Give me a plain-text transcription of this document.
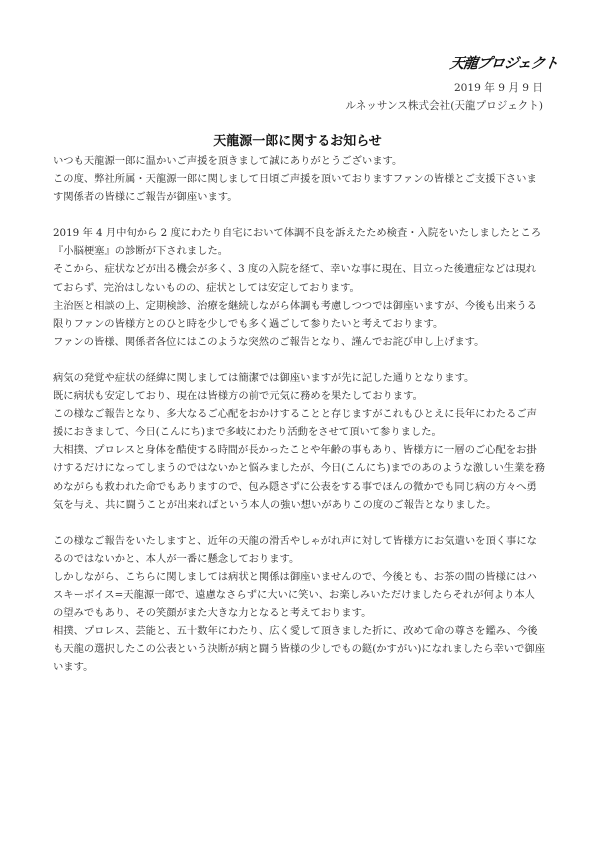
天龍プロジェクト
2019 年 9 月 9 日
ルネッサンス株式会社(天龍プロジェクト)
天龍源一郎に関するお知らせ

いつも天龍源一郎に温かいご声援を頂きまして誠にありがとうございます。

この度、弊社所属・天龍源一郎に関しまして日頃ご声援を頂いておりますファンの皆様とご支援下さいます関係者の皆様にご報告が御座います。

2019 年 4 月中旬から 2 度にわたり自宅において体調不良を訴えたため検査・入院をいたしましたところ『小脳梗塞』の診断が下されました。

そこから、症状などが出る機会が多く、3 度の入院を経て、幸いな事に現在、目立った後遺症などは現れておらず、完治はしないものの、症状としては安定しております。

主治医と相談の上、定期検診、治療を継続しながら体調も考慮しつつでは御座いますが、今後も出来うる限りファンの皆様方とのひと時を少しでも多く過ごして参りたいと考えております。

ファンの皆様、関係者各位にはこのような突然のご報告となり、謹んでお詫び申し上げます。

病気の発覚や症状の経緯に関しましては簡潔では御座いますが先に記した通りとなります。

既に病状も安定しており、現在は皆様方の前で元気に務めを果たしております。

この様なご報告となり、多大なるご心配をおかけすることと存じますがこれもひとえに長年にわたるご声援におきまして、今日(こんにち)まで多岐にわたり活動をさせて頂いて参りました。

大相撲、プロレスと身体を酷使する時間が長かったことや年齢の事もあり、皆様方に一層のご心配をお掛けするだけになってしまうのではないかと悩みましたが、今日(こんにち)までのあのような激しい生業を務めながらも救われた命でもありますので、包み隠さずに公表をする事でほんの微かでも同じ病の方々へ勇気を与え、共に闘うことが出来ればという本人の強い想いがありこの度のご報告となりました。

この様なご報告をいたしますと、近年の天龍の滑舌やしゃがれ声に対して皆様方にお気遣いを頂く事になるのではないかと、本人が一番に懸念しております。

しかしながら、こちらに関しましては病状と関係は御座いませんので、今後とも、お茶の間の皆様にはハスキーボイス=天龍源一郎で、遠慮なさらずに大いに笑い、お楽しみいただけましたらそれが何より本人の望みでもあり、その笑顔がまた大きな力となると考えております。

相撲、プロレス、芸能と、五十数年にわたり、広く愛して頂きました折に、改めて命の尊さを鑑み、今後も天龍の選択したこの公表という決断が病と闘う皆様の少しでもの鎹(かすがい)になれましたら幸いで御座います。
